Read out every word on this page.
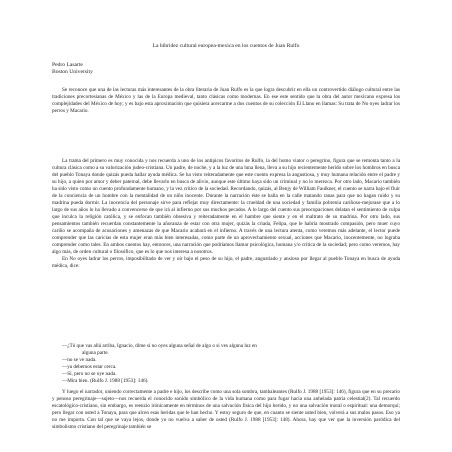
La hibridez cultural europea-mexica en los cuentos de Juan Rulfo
Pedro Lasarte
Boston University

Se reconoce que una de las lecturas más interesantes de la obra literaria de Juan Rulfo es la que logra descubrir en ella un controvertido diálogo cultural entre las tradiciones precortesianas de México y las de la Europa medieval, tanto clásicas como modernas. En ese este sentido que la obra del autor mexicano expresa los complejidades del México de hoy; y es bajo esta aproximación que quisiera acercarme a dos cuentos de su colección El Llano en llamas: Su trata de No oyes ladrar los perros y Macario.

La trama del primero es muy conocida y nos recuerda a uno de los antipicos favoritos de Rulfo, la del homo viator o peregrino, figura que se remonta tanto a la cultura clásica como a su valorización judeo-cristiana. Un padre, de noche, y a la luz de una luna llena, lleva a su hijo recientemente herido sobre los hombros en busca del pueblo Tonaya donde quizás pueda hallar ayuda médica. Se ha visto reiteradamente que este cuento expresa la angustiosa, y muy humana relación entre el padre y su hijo, a quien por amor y deber paternal, debe llevarlo en busca de alivio, aunque este último haya sido un criminal y no lo merezca. Por otro lado, Macario también ha sido visto como un cuento profundamente humano, y la vez crítico de la sociedad. Recordando, quizás, al Benjy de William Faulkner, el cuento se narra bajo el fluir de la conciencia de un hombre con la mentalidad de un niño inocente. Durante la narración éste se halla en la calle matando ranas para que no hagan ruido y su madrina pueda dormir. La inocencia del personaje sirve para reflejar muy directamente: la crueldad de una sociedad y familia pobrenia cariñoso-mejorase que a lo largo de sus años lo ha llevado a convencerse de que irá al infierno por sus muchos pecados. A lo largo del cuento sus preocupaciones delatan el sentimiento de culpa que inculca la religión católica, y se enfocan también obsesiva y reiteradamente en el hambre que siente y en el maltrato de su madrina. Por otro lado, sus pensamientos también recuerdan constantemente la añoranza de estar con otra mujer, quizás la criada, Felipa, que le habría mostrado compasión, pero muer cuyo cariño se acompaña de acusaciones y amenazas de que Macario acabará en el infierno. A través de una lectura atenta, como veremos más adelante, el lector puede comprender que las caricias de esta mujer eran más bien interesadas, como parte de un aprovechamiento sexual, acciones que Macario, inocentemente, no lograba comprender como tales. En ambos cuentos hay, entonces, una narración que podríamos llamar psicológica, humana y/o crítica de la sociedad; pero como veremos, hay algo más, de orden cultural o filosófico, que es lo que nos interesa a nosotros.

En No oyes ladrar los perros, imposibilitado de ver y oír bajo el peso de su hijo, el padre, angustiado y ansioso por llegar al pueblo Tonaya en busca de ayuda médica, dice:

—¿Tú que vas allá arriba, Ignacio, dime si no oyes alguna señal de algo o si ves alguna luz en
alguna parte.
—no se ve nada.
—ya debemos estar cerca.
—Sí, pero no se oye nada.
—Mira bien. (Rulfo J. 1988 [1953]: 146).

Y luego el narrador, uniendo correctamente a padre e hijo, los describe como una sola sombra, tambaleantes (Rulfo J. 1988 [1953]: 146), figura que en su precario y penoso peregrinaje—sujeto—nos recuerda el conocido sonido simbólico de la vida humana como para fugar hacia una anhelada patria celestial(2). Tal recuerdo escatológico-cristiano, sin embargo, es reenzio irónicamente en términos de una salvación física del hijo herido, y no una salvación moral o espiritual: una demorquí; pero llegar con usted a Tonaya, para que alcen esas heridas que le han hecho. Y estoy seguro de que, en cuanto se siente usted bien, volverá a sus malos pasos. Eso ya no me importa. Con tal que se vaya lejos, donde yo no vuelva a saber de usted (Rulfo J. 1988 [1953]: 148). Ahora, hay que ver que la inversión paródica del simbolismo cristiano del peregrinaje también se
